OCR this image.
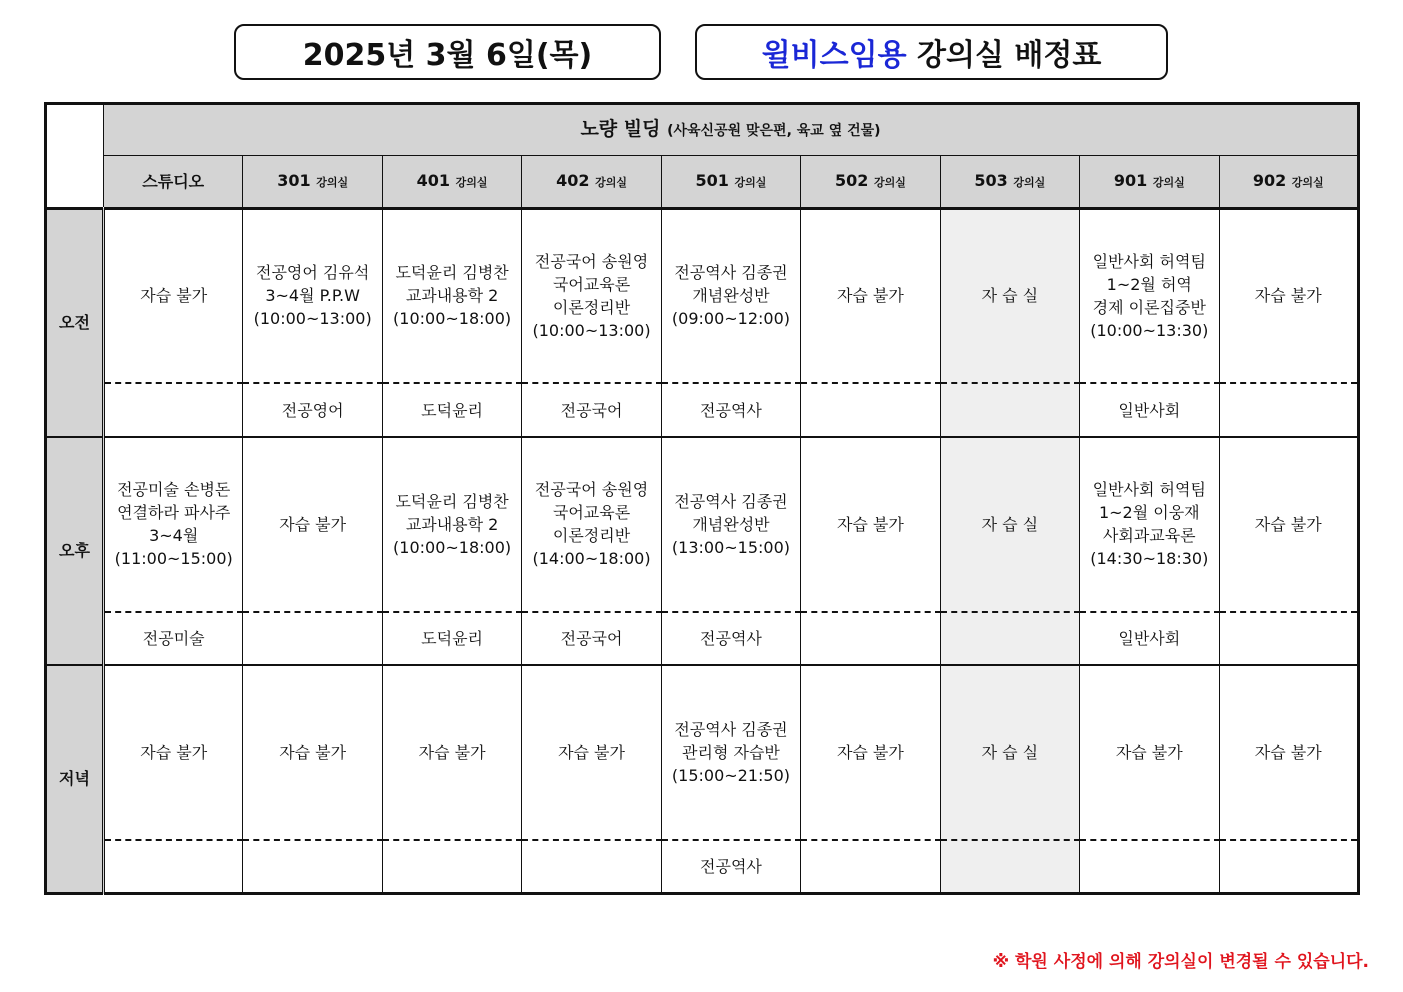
2025년 3월 6일(목)	윌비스임용
강의실 배정표
	노량 빌딩 (사육신공원 맞은편, 육교 옆 건물)								
	스튜디오	301 강의실	401 강의실	402 강의실	501 강의실	502 강의실	503 강의실	901 강의실	902 강의실
오전	자습 불가	전공영어 김유석
3~4월 P.P.W
(10:00~13:00)	도덕윤리 김병찬
교과내용학 2
(10:00~18:00)	전공국어 송원영
국어교육론
이론정리반
(10:00~13:00)	전공역사 김종권
개념완성반
(09:00~12:00)	자습 불가	자 습 실	일반사회 허역팀
1~2월 허역
경제 이론집중반
(10:00~13:30)	자습 불가
		전공영어	도덕윤리	전공국어	전공역사			일반사회	
오후	전공미술 손병돈
연결하라 파사주
3~4월
(11:00~15:00)	자습 불가	도덕윤리 김병찬
교과내용학 2
(10:00~18:00)	전공국어 송원영
국어교육론
이론정리반
(14:00~18:00)	전공역사 김종권
개념완성반
(13:00~15:00)	자습 불가	자 습 실	일반사회 허역팀
1~2월 이웅재
사회과교육론
(14:30~18:30)	자습 불가
	전공미술		도덕윤리	전공국어	전공역사			일반사회	
저녁	자습 불가	자습 불가	자습 불가	자습 불가	전공역사 김종권
관리형 자습반
(15:00~21:50)	자습 불가	자 습 실	자습 불가	자습 불가
					전공역사				
※ 학원 사정에 의해 강의실이 변경될 수 있습니다.
